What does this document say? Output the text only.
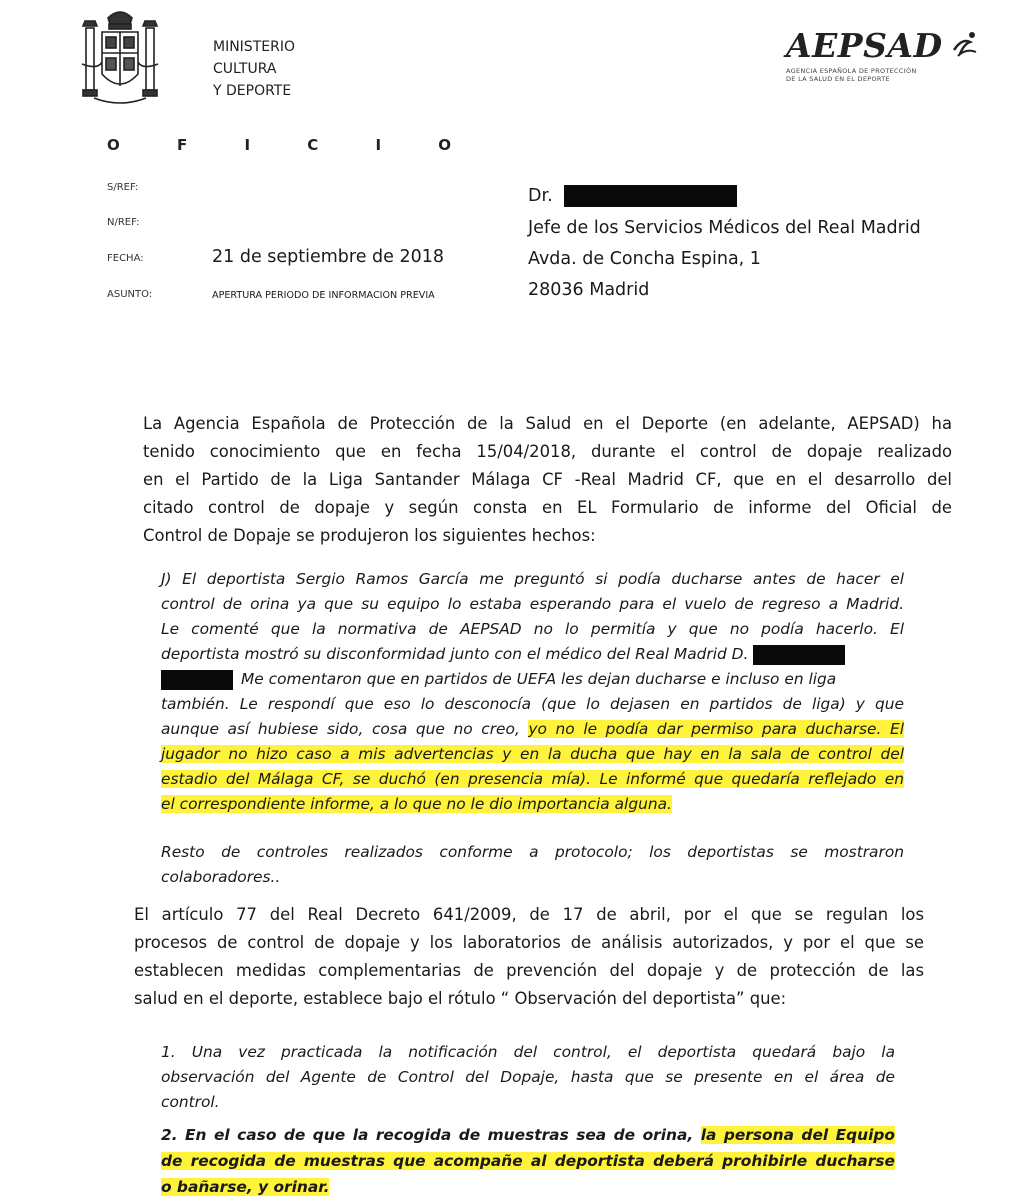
MINISTERIO
CULTURA
Y DEPORTE
AEPSAD
AGENCIA ESPAÑOLA DE PROTECCIÓN
DE LA SALUD EN EL DEPORTE
O F I C I O
S/REF:
N/REF:
FECHA:	21 de septiembre de 2018
ASUNTO:	APERTURA PERIODO DE INFORMACION PREVIA
Dr.
Jefe de los Servicios Médicos del Real Madrid
Avda. de Concha Espina, 1
28036 Madrid
La Agencia Española de Protección de la Salud en el Deporte (en adelante, AEPSAD) ha
tenido conocimiento que en fecha 15/04/2018, durante el control de dopaje realizado
en el Partido de la Liga Santander Málaga CF -Real Madrid CF, que en el desarrollo del
citado control de dopaje y según consta en EL Formulario de informe del Oficial de
Control de Dopaje se produjeron los siguientes hechos:
J) El deportista Sergio Ramos García me preguntó si podía ducharse antes de hacer el
control de orina ya que su equipo lo estaba esperando para el vuelo de regreso a Madrid.
Le comenté que la normativa de AEPSAD no lo permitía y que no podía hacerlo. El
deportista mostró su disconformidad junto con el médico del Real Madrid D.
Me comentaron que en partidos de UEFA les dejan ducharse e incluso en liga
también. Le respondí que eso lo desconocía (que lo dejasen en partidos de liga) y que
aunque así hubiese sido, cosa que no creo, yo no le podía dar permiso para ducharse. El
jugador no hizo caso a mis advertencias y en la ducha que hay en la sala de control del
estadio del Málaga CF, se duchó (en presencia mía). Le informé que quedaría reflejado en
el correspondiente informe, a lo que no le dio importancia alguna.
Resto de controles realizados conforme a protocolo; los deportistas se mostraron
colaboradores..
El artículo 77 del Real Decreto 641/2009, de 17 de abril, por el que se regulan los
procesos de control de dopaje y los laboratorios de análisis autorizados, y por el que se
establecen medidas complementarias de prevención del dopaje y de protección de las
salud en el deporte, establece bajo el rótulo “ Observación del deportista” que:
1. Una vez practicada la notificación del control, el deportista quedará bajo la
observación del Agente de Control del Dopaje, hasta que se presente en el área de
control.
2. En el caso de que la recogida de muestras sea de orina, la persona del Equipo
de recogida de muestras que acompañe al deportista deberá prohibirle ducharse
o bañarse, y orinar.
